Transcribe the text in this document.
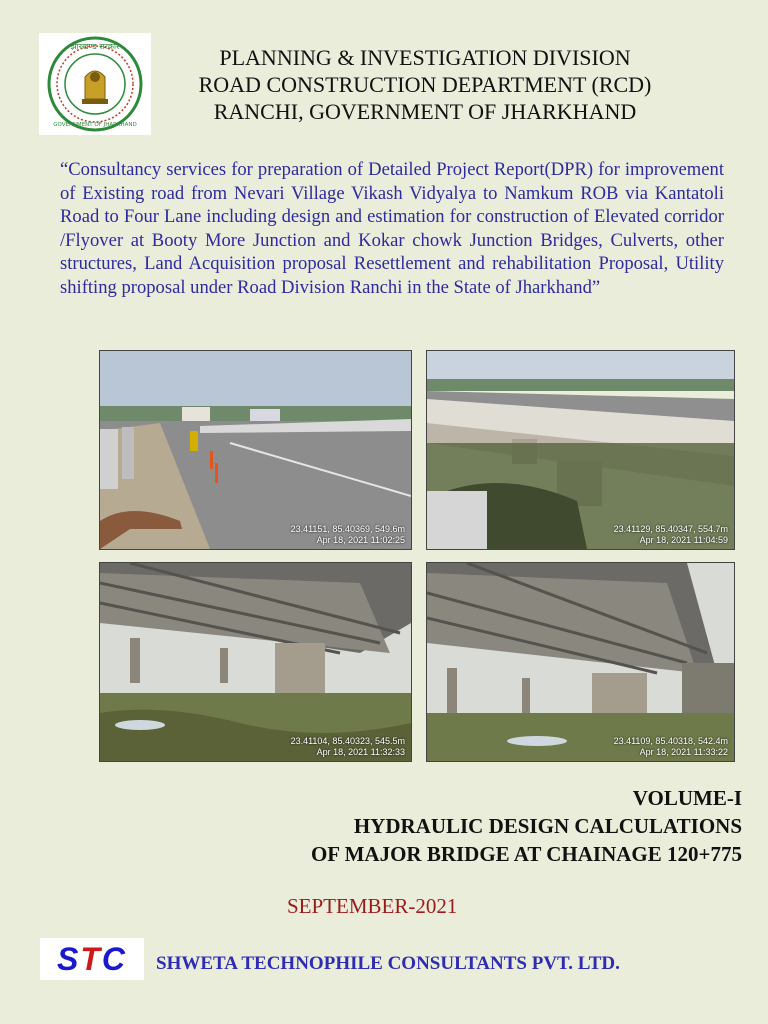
झारखण्ड सरकार
GOVERNMENT OF JHARKHAND
PLANNING & INVESTIGATION DIVISION
ROAD CONSTRUCTION DEPARTMENT (RCD)
RANCHI, GOVERNMENT OF JHARKHAND
“Consultancy services for preparation of Detailed Project Report(DPR) for improvement of Existing road from Nevari Village Vikash Vidyalya to Namkum ROB via Kantatoli Road to Four Lane including design and estimation for construction of Elevated corridor /Flyover at Booty More Junction and Kokar chowk Junction Bridges, Culverts, other structures, Land Acquisition proposal Resettlement and rehabilitation Proposal, Utility shifting proposal under Road Division Ranchi in the State of Jharkhand”
23.41151, 85.40369, 549.6m
Apr 18, 2021 11:02:25
23.41129, 85.40347, 554.7m
Apr 18, 2021 11:04:59
23.41104, 85.40323, 545.5m
Apr 18, 2021 11:32:33
23.41109, 85.40318, 542.4m
Apr 18, 2021 11:33:22
VOLUME-I
HYDRAULIC DESIGN CALCULATIONS
OF MAJOR BRIDGE AT CHAINAGE 120+775
SEPTEMBER-2021
S T C SHWETA TECHNOPHILE CONSULTANTS PVT. LTD.
